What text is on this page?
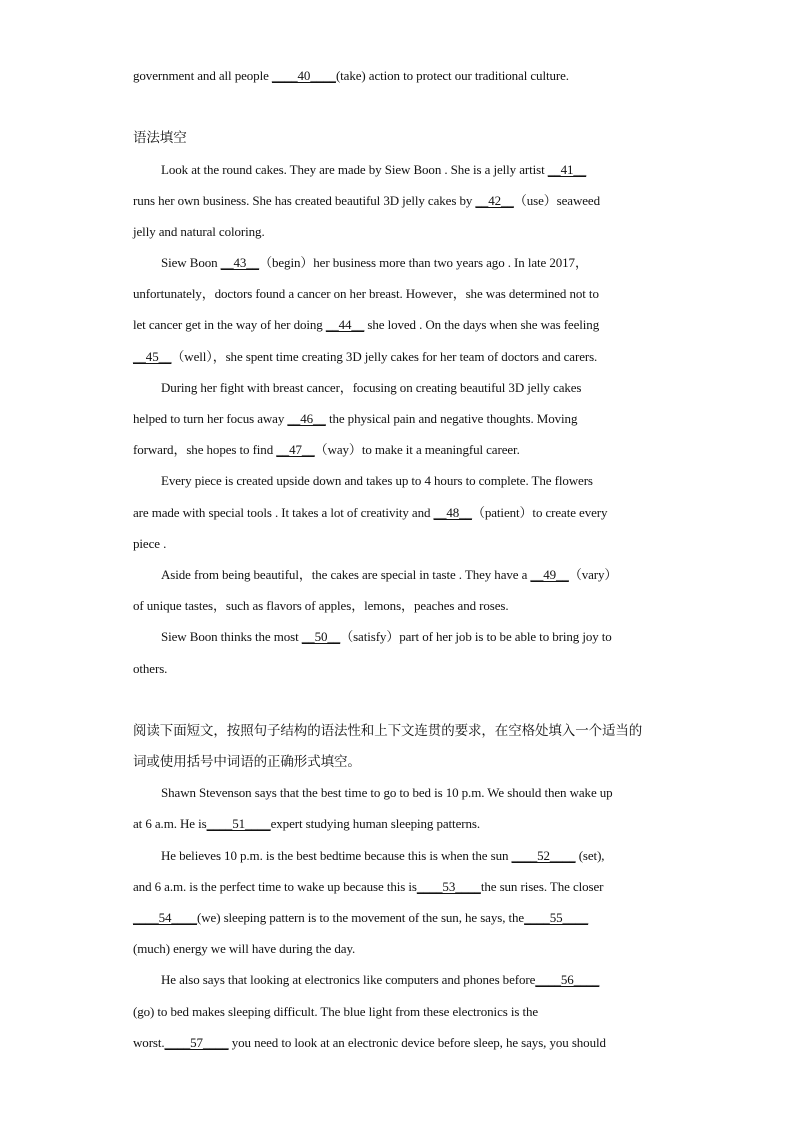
government and all people ____40____(take) action to protect our traditional culture.
语法填空
Look at the round cakes. They are made by Siew Boon . She is a jelly artist __41__
runs her own business. She has created beautiful 3D jelly cakes by __42__（use）seaweed
jelly and natural coloring.
Siew Boon __43__（begin）her business more than two years ago . In late 2017，
unfortunately，doctors found a cancer on her breast. However，she was determined not to
let cancer get in the way of her doing __44__ she loved . On the days when she was feeling
__45__（well），she spent time creating 3D jelly cakes for her team of doctors and carers.
During her fight with breast cancer，focusing on creating beautiful 3D jelly cakes
helped to turn her focus away __46__ the physical pain and negative thoughts. Moving
forward，she hopes to find __47__（way）to make it a meaningful career.
Every piece is created upside down and takes up to 4 hours to complete. The flowers
are made with special tools . It takes a lot of creativity and __48__（patient）to create every
piece .
Aside from being beautiful，the cakes are special in taste . They have a __49__（vary）
of unique tastes，such as flavors of apples，lemons，peaches and roses.
Siew Boon thinks the most __50__（satisfy）part of her job is to be able to bring joy to
others.
阅读下面短文，按照句子结构的语法性和上下文连贯的要求，在空格处填入一个适当的
词或使用括号中词语的正确形式填空。
Shawn Stevenson says that the best time to go to bed is 10 p.m. We should then wake up
at 6 a.m. He is____51____expert studying human sleeping patterns.
He believes 10 p.m. is the best bedtime because this is when the sun ____52____ (set),
and 6 a.m. is the perfect time to wake up because this is____53____the sun rises. The closer
____54____(we) sleeping pattern is to the movement of the sun, he says, the____55____
(much) energy we will have during the day.
He also says that looking at electronics like computers and phones before____56____
(go) to bed makes sleeping difficult. The blue light from these electronics is the
worst.____57____ you need to look at an electronic device before sleep, he says, you should
